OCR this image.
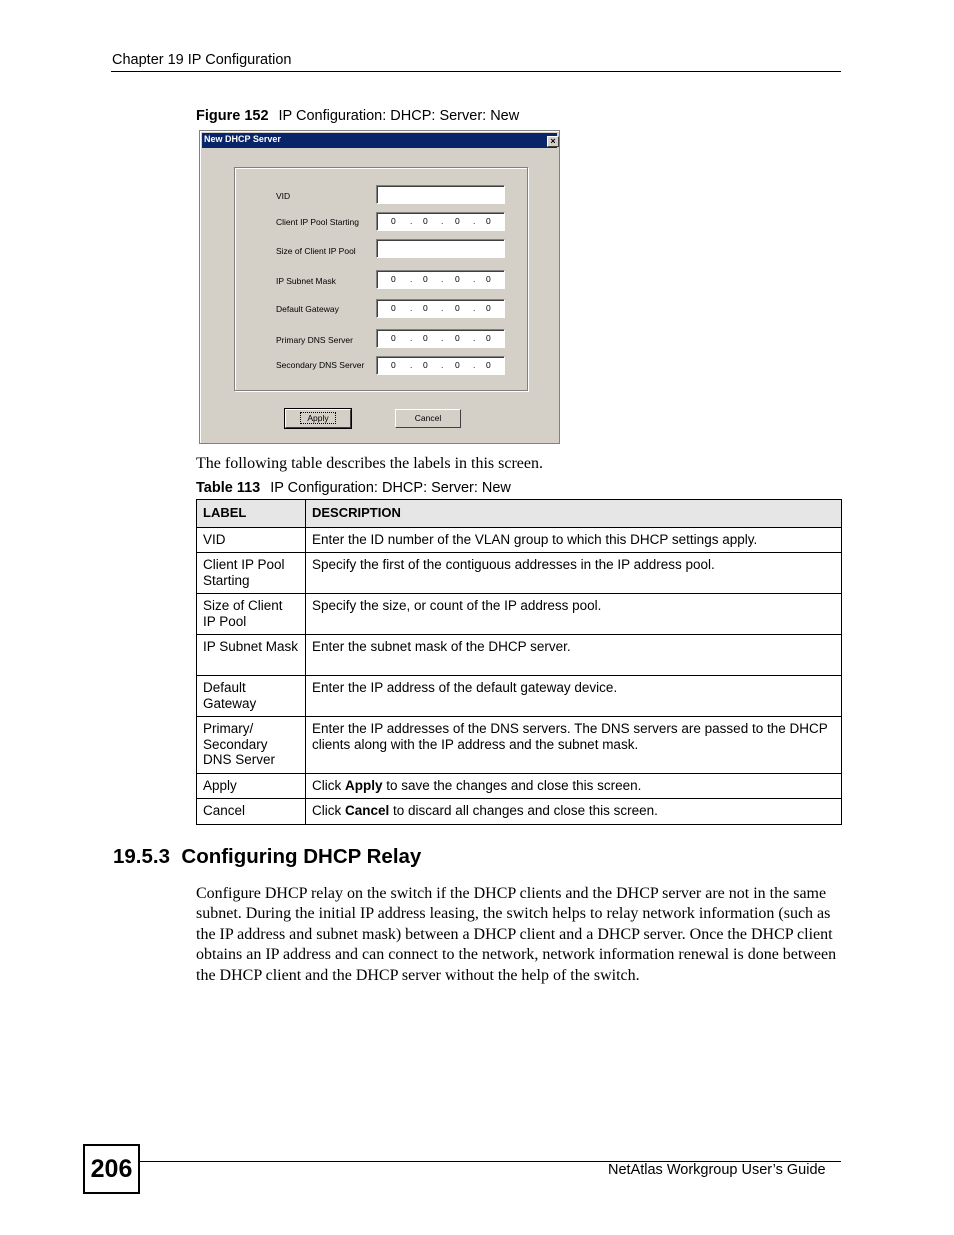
Chapter 19 IP Configuration
Figure 152 IP Configuration: DHCP: Server: New
New DHCP Server	×
VID
Client IP Pool Starting	0 . 0 . 0 . 0
Size of Client IP Pool
IP Subnet Mask	0 . 0 . 0 . 0
Default Gateway	0 . 0 . 0 . 0
Primary DNS Server	0 . 0 . 0 . 0
Secondary DNS Server	0 . 0 . 0 . 0
Apply	Cancel
The following table describes the labels in this screen.
Table 113 IP Configuration: DHCP: Server: New
LABEL	DESCRIPTION
VID	Enter the ID number of the VLAN group to which this DHCP settings apply.
Client IP Pool Starting	Specify the first of the contiguous addresses in the IP address pool.
Size of Client IP Pool	Specify the size, or count of the IP address pool.
IP Subnet Mask	Enter the subnet mask of the DHCP server.
Default Gateway	Enter the IP address of the default gateway device.
Primary/ Secondary DNS Server	Enter the IP addresses of the DNS servers. The DNS servers are passed to the DHCP clients along with the IP address and the subnet mask.
Apply	Click Apply to save the changes and close this screen.
Cancel	Click Cancel to discard all changes and close this screen.
19.5.3  Configuring DHCP Relay
Configure DHCP relay on the switch if the DHCP clients and the DHCP server are not in the same subnet. During the initial IP address leasing, the switch helps to relay network information (such as the IP address and subnet mask) between a DHCP client and a DHCP server. Once the DHCP client obtains an IP address and can connect to the network, network information renewal is done between the DHCP client and the DHCP server without the help of the switch.
206	NetAtlas Workgroup User’s Guide
